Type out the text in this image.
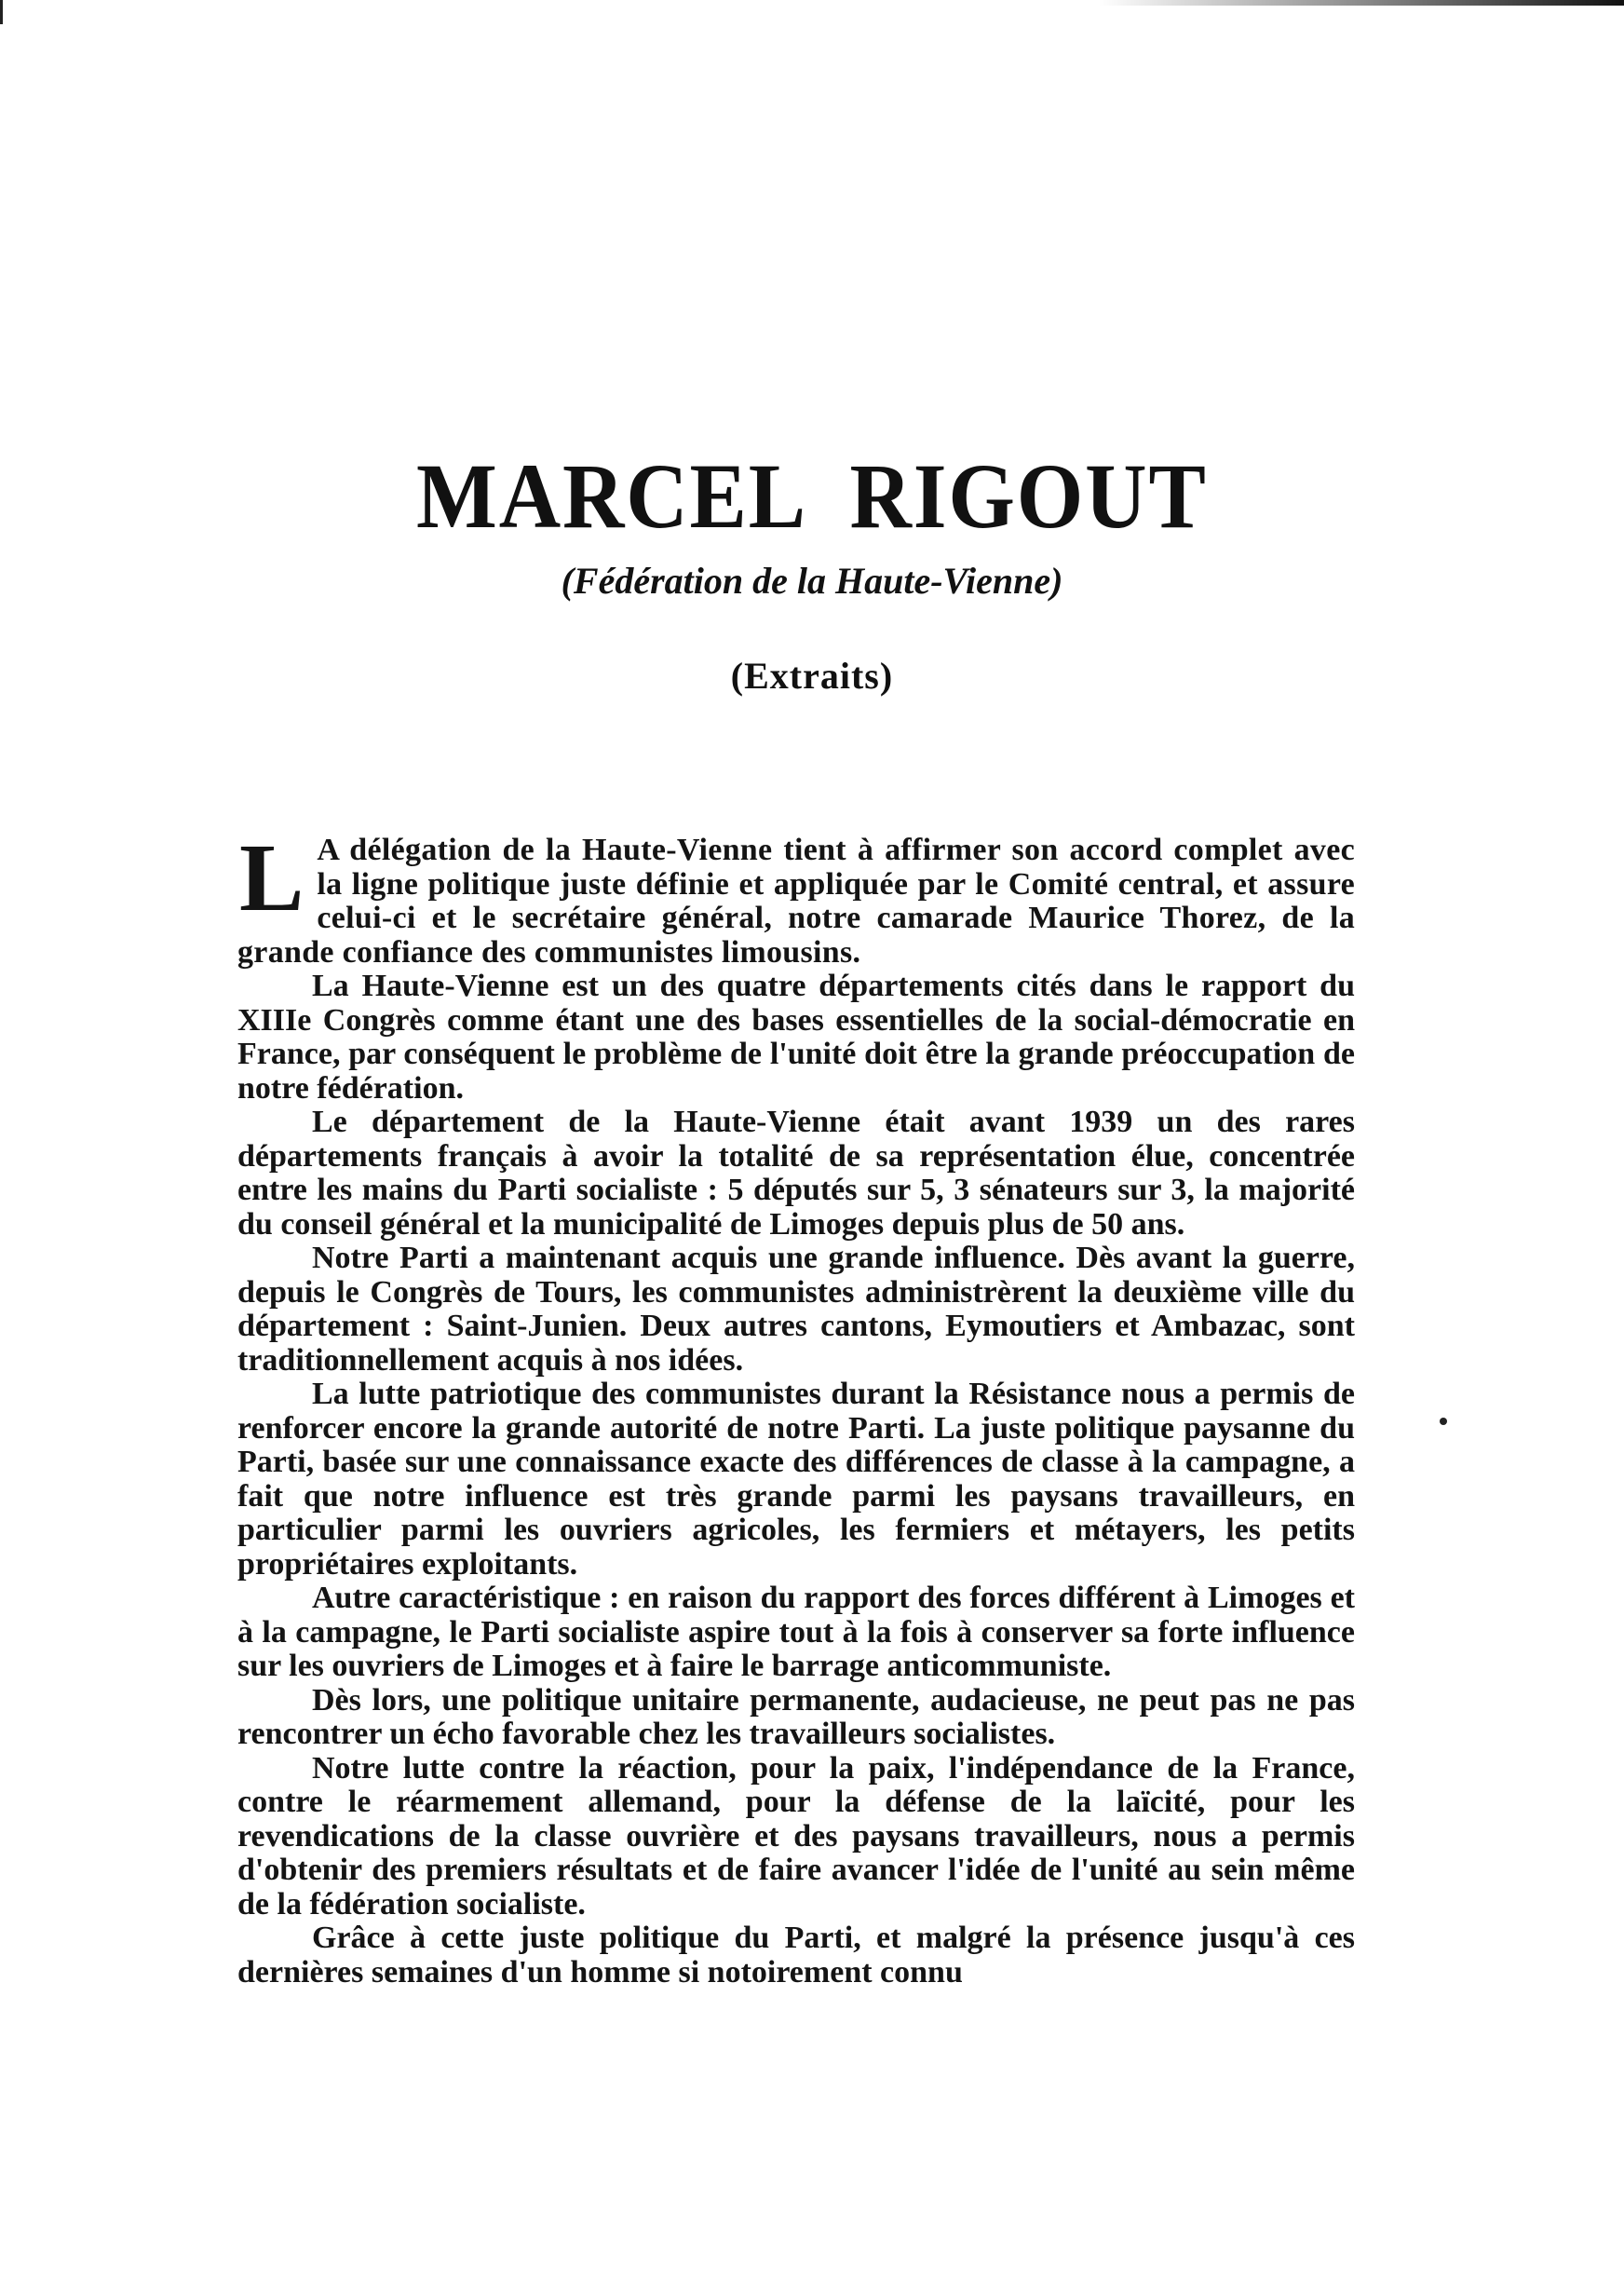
MARCEL RIGOUT
(Fédération de la Haute-Vienne)
(Extraits)

L A délégation de la Haute-Vienne tient à affirmer son accord complet avec la ligne politique juste définie et appliquée par le Comité central, et assure celui-ci et le secrétaire général, notre camarade Maurice Thorez, de la grande confiance des communistes limousins.

La Haute-Vienne est un des quatre départements cités dans le rapport du XIIIe Congrès comme étant une des bases essentielles de la social-démocratie en France, par conséquent le problème de l'unité doit être la grande préoccupation de notre fédération.

Le département de la Haute-Vienne était avant 1939 un des rares départements français à avoir la totalité de sa représentation élue, concentrée entre les mains du Parti socialiste : 5 députés sur 5, 3 sénateurs sur 3, la majorité du conseil général et la municipalité de Limoges depuis plus de 50 ans.

Notre Parti a maintenant acquis une grande influence. Dès avant la guerre, depuis le Congrès de Tours, les communistes administrèrent la deuxième ville du département : Saint-Junien. Deux autres cantons, Eymoutiers et Ambazac, sont traditionnellement acquis à nos idées.

La lutte patriotique des communistes durant la Résistance nous a permis de renforcer encore la grande autorité de notre Parti. La juste politique paysanne du Parti, basée sur une connaissance exacte des différences de classe à la campagne, a fait que notre influence est très grande parmi les paysans travailleurs, en particulier parmi les ouvriers agricoles, les fermiers et métayers, les petits propriétaires exploitants.

Autre caractéristique : en raison du rapport des forces différent à Limoges et à la campagne, le Parti socialiste aspire tout à la fois à conserver sa forte influence sur les ouvriers de Limoges et à faire le barrage anticommuniste.

Dès lors, une politique unitaire permanente, audacieuse, ne peut pas ne pas rencontrer un écho favorable chez les travailleurs socialistes.

Notre lutte contre la réaction, pour la paix, l'indépendance de la France, contre le réarmement allemand, pour la défense de la laïcité, pour les revendications de la classe ouvrière et des paysans travailleurs, nous a permis d'obtenir des premiers résultats et de faire avancer l'idée de l'unité au sein même de la fédération socialiste.

Grâce à cette juste politique du Parti, et malgré la présence jusqu'à ces dernières semaines d'un homme si notoirement connu
